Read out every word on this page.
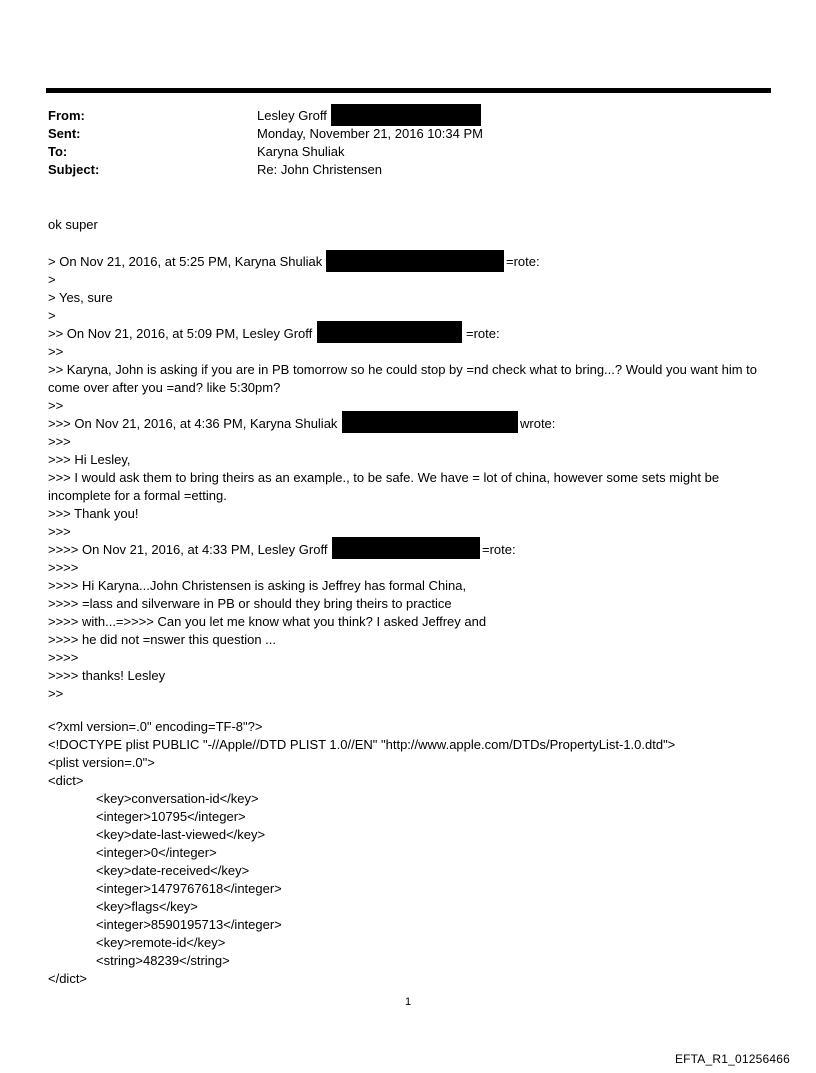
From:	Lesley Groff
Sent:	Monday, November 21, 2016 10:34 PM
To:	Karyna Shuliak
Subject:	Re: John Christensen
ok super
> On Nov 21, 2016, at 5:25 PM, Karyna Shuliak	=rote:
>
> Yes, sure
>
>> On Nov 21, 2016, at 5:09 PM, Lesley Groff	=rote:
>>
>> Karyna, John is asking if you are in PB tomorrow so he could stop by =nd check what to bring...? Would you want him to come over after you =and? like 5:30pm?
>>
>>> On Nov 21, 2016, at 4:36 PM, Karyna Shuliak	wrote:
>>>
>>> Hi Lesley,
>>> I would ask them to bring theirs as an example., to be safe. We have = lot of china, however some sets might be incomplete for a formal =etting.
>>> Thank you!
>>>
>>>> On Nov 21, 2016, at 4:33 PM, Lesley Groff	=rote:
>>>>
>>>> Hi Karyna...John Christensen is asking is Jeffrey has formal China,
>>>> =lass and silverware in PB or should they bring theirs to practice
>>>> with...=>>>> Can you let me know what you think? I asked Jeffrey and
>>>> he did not =nswer this question ...
>>>>
>>>> thanks! Lesley
>>
<?xml version=.0" encoding=TF-8"?>
<!DOCTYPE plist PUBLIC "-//Apple//DTD PLIST 1.0//EN" "http://www.apple.com/DTDs/PropertyList-1.0.dtd">
<plist version=.0">
<dict>
<key>conversation-id</key>
<integer>10795</integer>
<key>date-last-viewed</key>
<integer>0</integer>
<key>date-received</key>
<integer>1479767618</integer>
<key>flags</key>
<integer>8590195713</integer>
<key>remote-id</key>
<string>48239</string>
</dict>
1
EFTA_R1_01256466
